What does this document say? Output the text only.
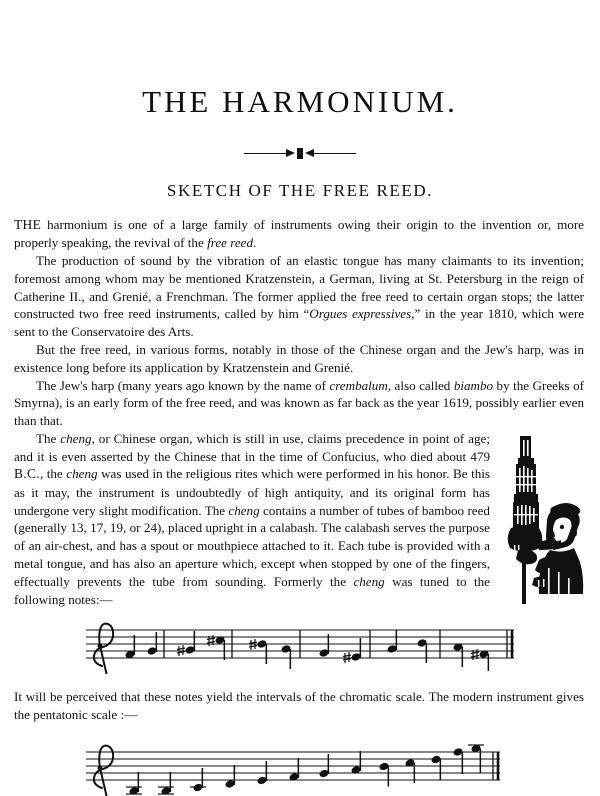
THE HARMONIUM.
SKETCH OF THE FREE REED.

THE harmonium is one of a large family of instruments owing their origin to the invention or, more properly speaking, the revival of the free reed.

The production of sound by the vibration of an elastic tongue has many claimants to its invention; foremost among whom may be mentioned Kratzenstein, a German, living at St. Petersburg in the reign of Catherine II., and Grenié, a Frenchman. The former applied the free reed to certain organ stops; the latter constructed two free reed instruments, called by him “Orgues expressives,” in the year 1810, which were sent to the Conservatoire des Arts.

But the free reed, in various forms, notably in those of the Chinese organ and the Jew's harp, was in existence long before its application by Kratzenstein and Grenié.

The Jew's harp (many years ago known by the name of crembalum, also called biambo by the Greeks of Smyrna), is an early form of the free reed, and was known as far back as the year 1619, possibly earlier even than that.

The cheng, or Chinese organ, which is still in use, claims precedence in point of age; and it is even asserted by the Chinese that in the time of Confucius, who died about 479 B.C., the cheng was used in the religious rites which were performed in his honor. Be this as it may, the instrument is undoubtedly of high antiquity, and its original form has undergone very slight modification. The cheng contains a number of tubes of bamboo reed (generally 13, 17, 19, or 24), placed upright in a calabash. The calabash serves the purpose of an air-chest, and has a spout or mouthpiece attached to it. Each tube is provided with a metal tongue, and has also an aperture which, except when stopped by one of the fingers, effectually prevents the tube from sounding. Formerly the cheng was tuned to the following notes:—

It will be perceived that these notes yield the intervals of the chromatic scale. The modern instrument gives the pentatonic scale :—
